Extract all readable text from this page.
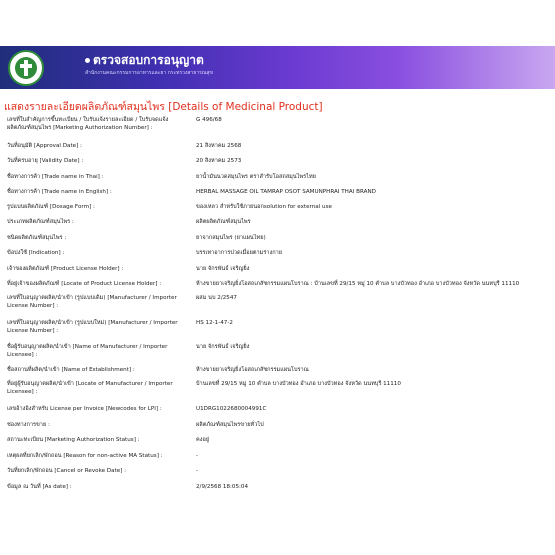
ตรวจสอบการอนุญาต
สำนักงานคณะกรรมการอาหารและยา กระทรวงสาธารณสุข
แสดงรายละเอียดผลิตภัณฑ์สมุนไพร [Details of Medicinal Product]
เลขที่ใบสำคัญการขึ้นทะเบียน / ใบรับแจ้งรายละเอียด / ใบรับจดแจ้ง ผลิตภัณฑ์สมุนไพร [Marketing Authorization Number] :
G 496/68
วันที่อนุมัติ [Approval Date] :	21 สิงหาคม 2568
วันที่ครบอายุ [Validity Date] :	20 สิงหาคม 2573
ชื่อทางการค้า [Trade name in Thai] :	ยาน้ำมันนวดสมุนไพร ตราสำรับโอสถสมุนไพรไทย
ชื่อทางการค้า [Trade name in English] :	HERBAL MASSAGE OIL TAMRAP OSOT SAMUNPHRAI THAI BRAND
รูปแบบผลิตภัณฑ์ [Dosage Form] :	ของเหลว สำหรับใช้ภายนอกsolution for external use
ประเภทผลิตภัณฑ์สมุนไพร :	ผลิตผลิตภัณฑ์สมุนไพร
ชนิดผลิตภัณฑ์สมุนไพร :	ยาจากสมุนไพร (ยาแผนไทย)
ข้อบ่งใช้ [Indication] :	บรรเทาอาการปวดเมื่อยตามร่างกาย
เจ้าของผลิตภัณฑ์ [Product License Holder] :	นาย จักรพันธ์ เจริญยิ่ง
ที่อยู่เจ้าของผลิตภัณฑ์ [Locate of Product License Holder] :	ห้างขายยาเจริญยิ่งโอสถเภสัชกรรมแผนโบราณ : บ้านเลขที่ 29/15 หมู่ 10 ตำบล บางบัวทอง อำเภอ บางบัวทอง จังหวัด นนทบุรี 11110
เลขที่ใบอนุญาตผลิต/นำเข้า (รูปแบบเดิม) [Manufacturer / Importer License Number] :
ผสม นบ 2/2547
เลขที่ใบอนุญาตผลิต/นำเข้า (รูปแบบใหม่) [Manufacturer / Importer License Number] :
HS 12-1-47-2
ชื่อผู้รับอนุญาตผลิต/นำเข้า [Name of Manufacturer / Importer Licensee] :
นาย จักรพันธ์ เจริญยิ่ง
ชื่อสถานที่ผลิต/นำเข้า [Name of Establishment] :	ห้างขายยาเจริญยิ่งโอสถเภสัชกรรมแผนโบราณ
ที่อยู่ผู้รับอนุญาตผลิต/นำเข้า [Locate of Manufacturer / Importer Licensee] :
บ้านเลขที่ 29/15 หมู่ 10 ตำบล บางบัวทอง อำเภอ บางบัวทอง จังหวัด นนทบุรี 11110
เลขอ้างอิงสำหรับ License per Invoice [Newcodes for LPI] :	U1DRG1022680004991C
ช่องทางการขาย :	ผลิตภัณฑ์สมุนไพรขายทั่วไป
สถานะทะเบียน [Marketing Authorization Status] :	คงอยู่
เหตุผลที่ยกเลิก/พักถอน [Reason for non-active MA Status] :	-
วันที่ยกเลิก/พักถอน [Cancel or Revoke Date] :	-
ข้อมูล ณ วันที่ [As date] :	2/9/2568 18:05:04
